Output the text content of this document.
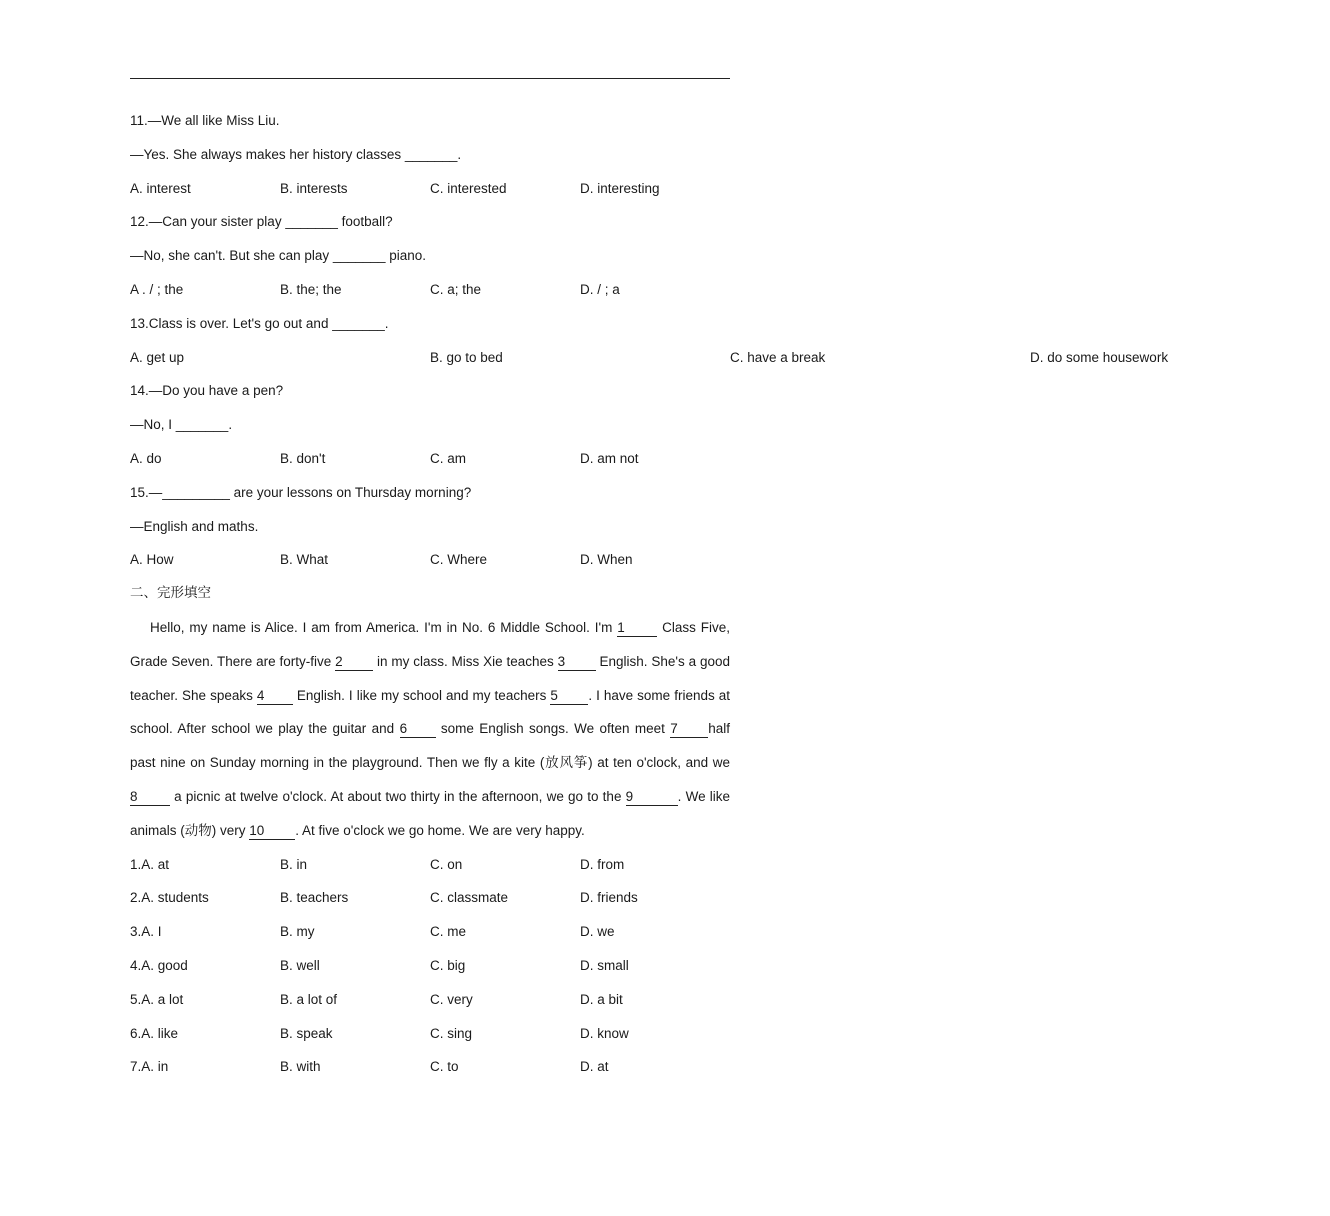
11.—We all like Miss Liu.
—Yes. She always makes her history classes _______.
A. interest	B. interests	C. interested	D. interesting
12.—Can your sister play _______ football?
—No, she can't. But she can play _______ piano.
A . / ; the	B. the; the	C. a; the	D. / ; a
13.Class is over. Let's go out and _______.
A. get up	B. go to bed	C. have a break	D. do some housework
14.—Do you have a pen?
—No, I _______.
A. do	B. don't	C. am	D. am not
15.—_________ are your lessons on Thursday morning?
—English and maths.
A. How	B. What	C. Where	D. When
二、完形填空

Hello, my name is Alice. I am from America. I'm in No. 6 Middle School. I'm 1 Class Five, Grade Seven. There are forty-five 2 in my class. Miss Xie teaches 3 English. She's a good teacher. She speaks 4 English. I like my school and my teachers 5 . I have some friends at school. After school we play the guitar and 6 some English songs. We often meet 7 half past nine on Sunday morning in the playground. Then we fly a kite (放风筝) at ten o'clock, and we 8 a picnic at twelve o'clock. At about two thirty in the afternoon, we go to the 9	. We like animals (动物) very 10 . At five o'clock we go home. We are very happy.

1.A. at	B. in	C. on	D. from
2.A. students	B. teachers	C. classmate	D. friends
3.A. I	B. my	C. me	D. we
4.A. good	B. well	C. big	D. small
5.A. a lot	B. a lot of	C. very	D. a bit
6.A. like	B. speak	C. sing	D. know
7.A. in	B. with	C. to	D. at
